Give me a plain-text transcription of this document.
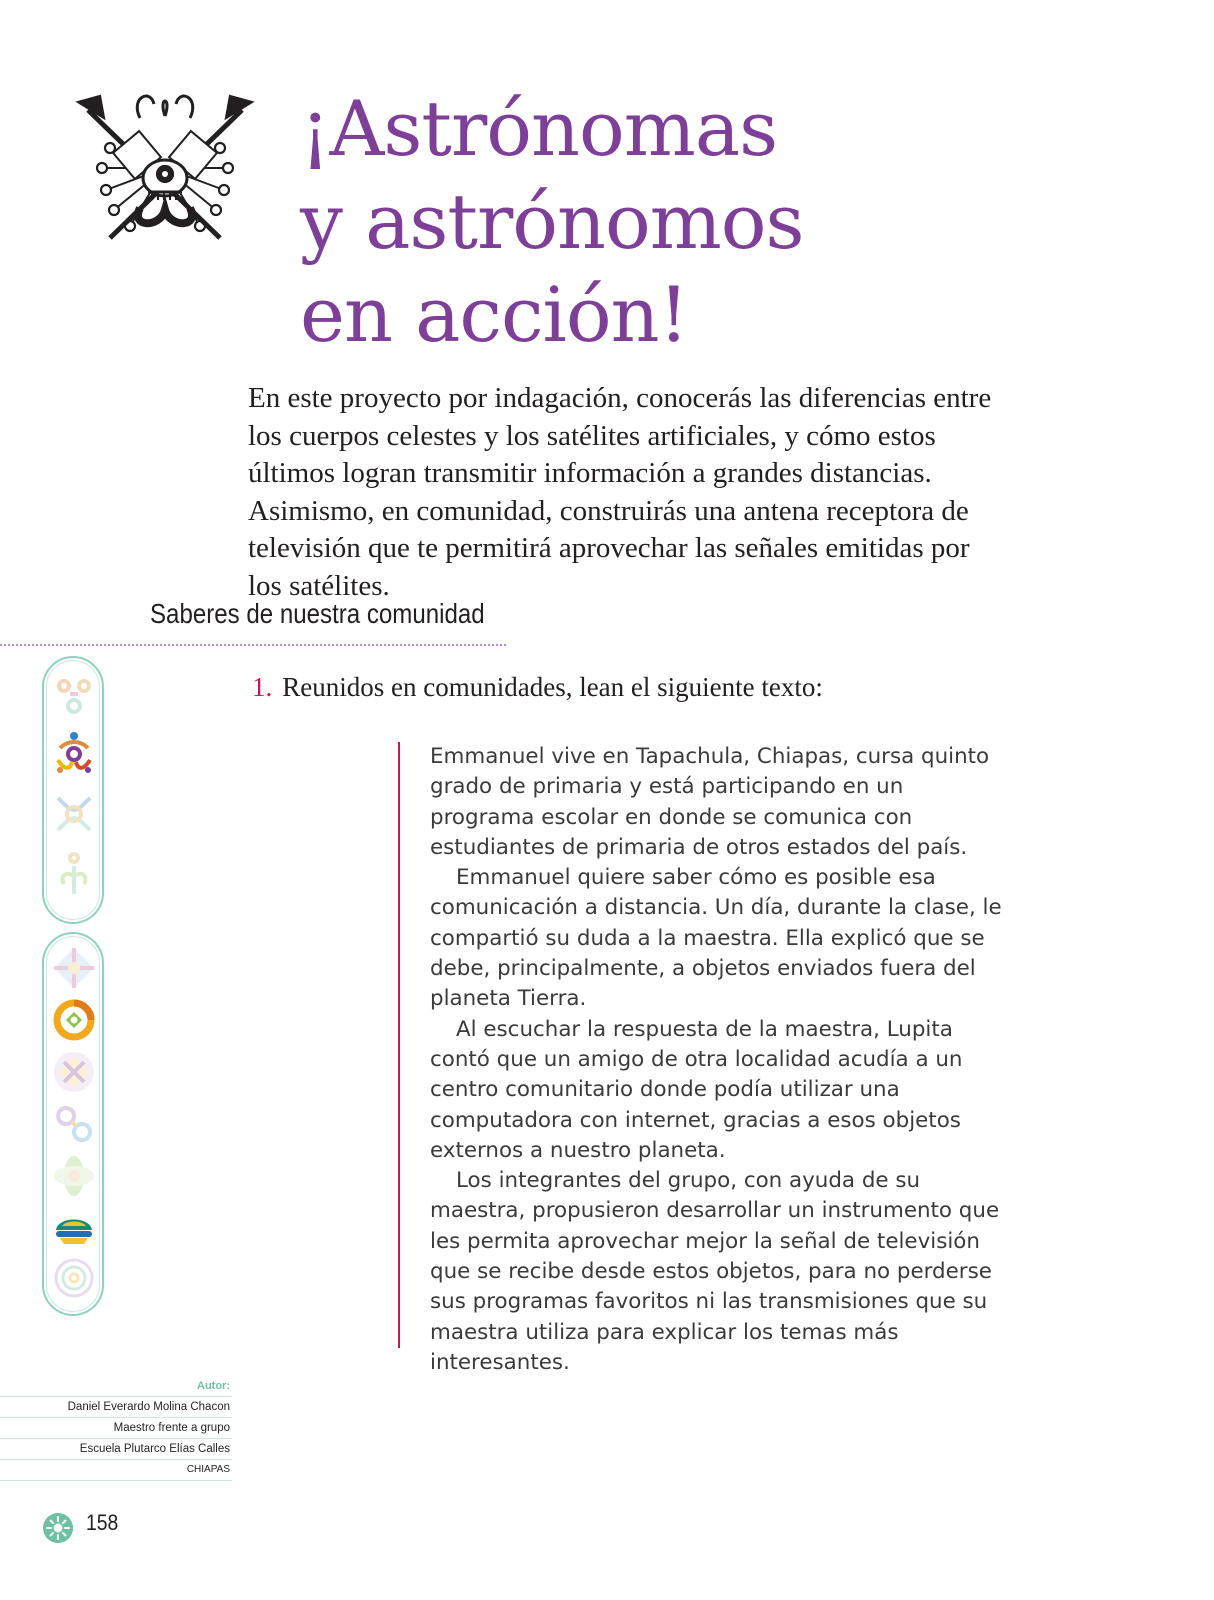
¡Astrónomas
y astrónomos
en acción!

En este proyecto por indagación, conocerás las diferencias entre los cuerpos celestes y los satélites artificiales, y cómo estos últimos logran transmitir información a grandes distancias. Asimismo, en comunidad, construirás una antena receptora de televisión que te permitirá aprovechar las señales emitidas por los satélites.

Saberes de nuestra comunidad

1. Reunidos en comunidades, lean el siguiente texto:

Emmanuel vive en Tapachula, Chiapas, cursa quinto grado de primaria y está participando en un programa escolar en donde se comunica con estudiantes de primaria de otros estados del país.

Emmanuel quiere saber cómo es posible esa comunicación a distancia. Un día, durante la clase, le compartió su duda a la maestra. Ella explicó que se debe, principalmente, a objetos enviados fuera del planeta Tierra.

Al escuchar la respuesta de la maestra, Lupita contó que un amigo de otra localidad acudía a un centro comunitario donde podía utilizar una computadora con internet, gracias a esos objetos externos a nuestro planeta.

Los integrantes del grupo, con ayuda de su maestra, propusieron desarrollar un instrumento que les permita aprovechar mejor la señal de televisión que se recibe desde estos objetos, para no perderse sus programas favoritos ni las transmisiones que su maestra utiliza para explicar los temas más interesantes.

Autor:
Daniel Everardo Molina Chacon
Maestro frente a grupo
Escuela Plutarco Elías Calles
CHIAPAS
158
